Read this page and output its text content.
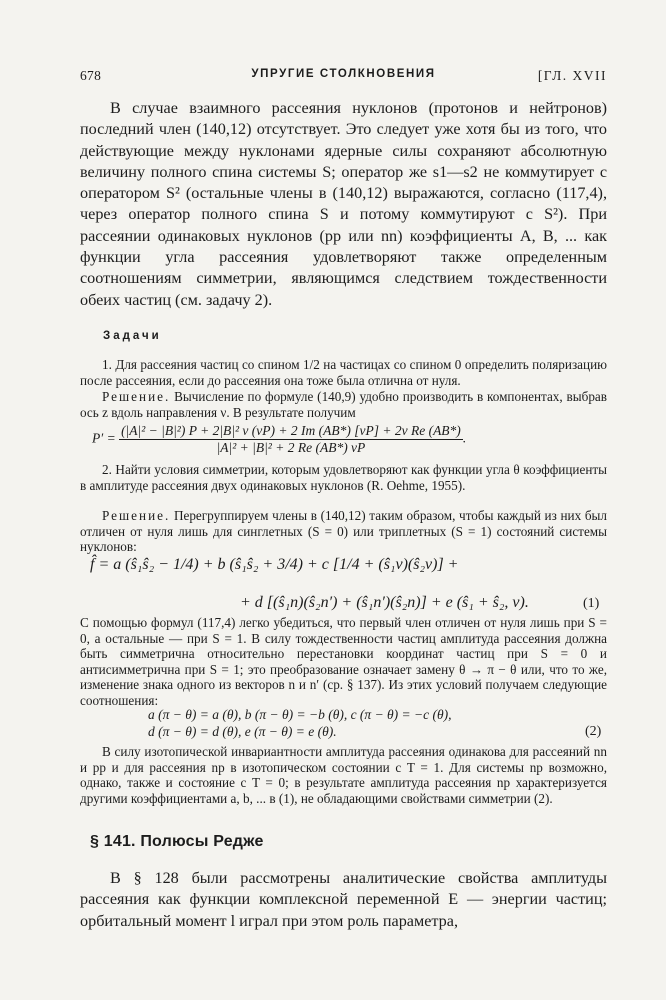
678	УПРУГИЕ СТОЛКНОВЕНИЯ	[ГЛ. XVII

В случае взаимного рассеяния нуклонов (протонов и нейтронов) последний член (140,12) отсутствует. Это следует уже хотя бы из того, что действующие между нуклонами ядерные силы сохраняют абсолютную величину полного спина системы S; оператор же s1—s2 не коммутирует с оператором S² (остальные члены в (140,12) выражаются, согласно (117,4), через оператор полного спина S и потому коммутируют с S²). При рассеянии одинаковых нуклонов (pp или nn) коэффициенты A, B, ... как функции угла рассеяния удовлетворяют также определенным соотношениям симметрии, являющимся следствием тождественности обеих частиц (см. задачу 2).

Задачи

1. Для рассеяния частиц со спином 1/2 на частицах со спином 0 определить поляризацию после рассеяния, если до рассеяния она тоже была отлична от нуля.

Решение. Вычисление по формуле (140,9) удобно производить в компонентах, выбрав ось z вдоль направления ν. В результате получим

P′ =
(|A|² − |B|²) P + 2|B|² ν (νP) + 2 Im (AB*) [νP] + 2ν Re (AB*)
|A|² + |B|² + 2 Re (AB*) νP
.

2. Найти условия симметрии, которым удовлетворяют как функции угла θ коэффициенты в амплитуде рассеяния двух одинаковых нуклонов (R. Oehme, 1955).

Решение. Перегруппируем члены в (140,12) таким образом, чтобы каждый из них был отличен от нуля лишь для синглетных (S = 0) или триплетных (S = 1) состояний системы нуклонов:

f̂ = a (ŝ₁ŝ₂ − 1/4) + b (ŝ₁ŝ₂ + 3/4) + c [1/4 + (ŝ₁ν)(ŝ₂ν)] +
+ d [(ŝ₁n)(ŝ₂n′) + (ŝ₁n′)(ŝ₂n)] + e (ŝ₁ + ŝ₂, ν).	(1)

С помощью формул (117,4) легко убедиться, что первый член отличен от нуля лишь при S = 0, а остальные — при S = 1. В силу тождественности частиц амплитуда рассеяния должна быть симметрична относительно перестановки координат частиц при S = 0 и антисимметрична при S = 1; это преобразование означает замену θ → π − θ или, что то же, изменение знака одного из векторов n и n′ (ср. § 137). Из этих условий получаем следующие соотношения:

a (π − θ) = a (θ), b (π − θ) = −b (θ), c (π − θ) = −c (θ),
d (π − θ) = d (θ), e (π − θ) = e (θ).	(2)

В силу изотопической инвариантности амплитуда рассеяния одинакова для рассеяний nn и pp и для рассеяния np в изотопическом состоянии с T = 1. Для системы np возможно, однако, также и состояние с T = 0; в результате амплитуда рассеяния np характеризуется другими коэффициентами a, b, ... в (1), не обладающими свойствами симметрии (2).

§ 141. Полюсы Редже

В § 128 были рассмотрены аналитические свойства амплитуды рассеяния как функции комплексной переменной E — энергии частиц; орбитальный момент l играл при этом роль параметра,
